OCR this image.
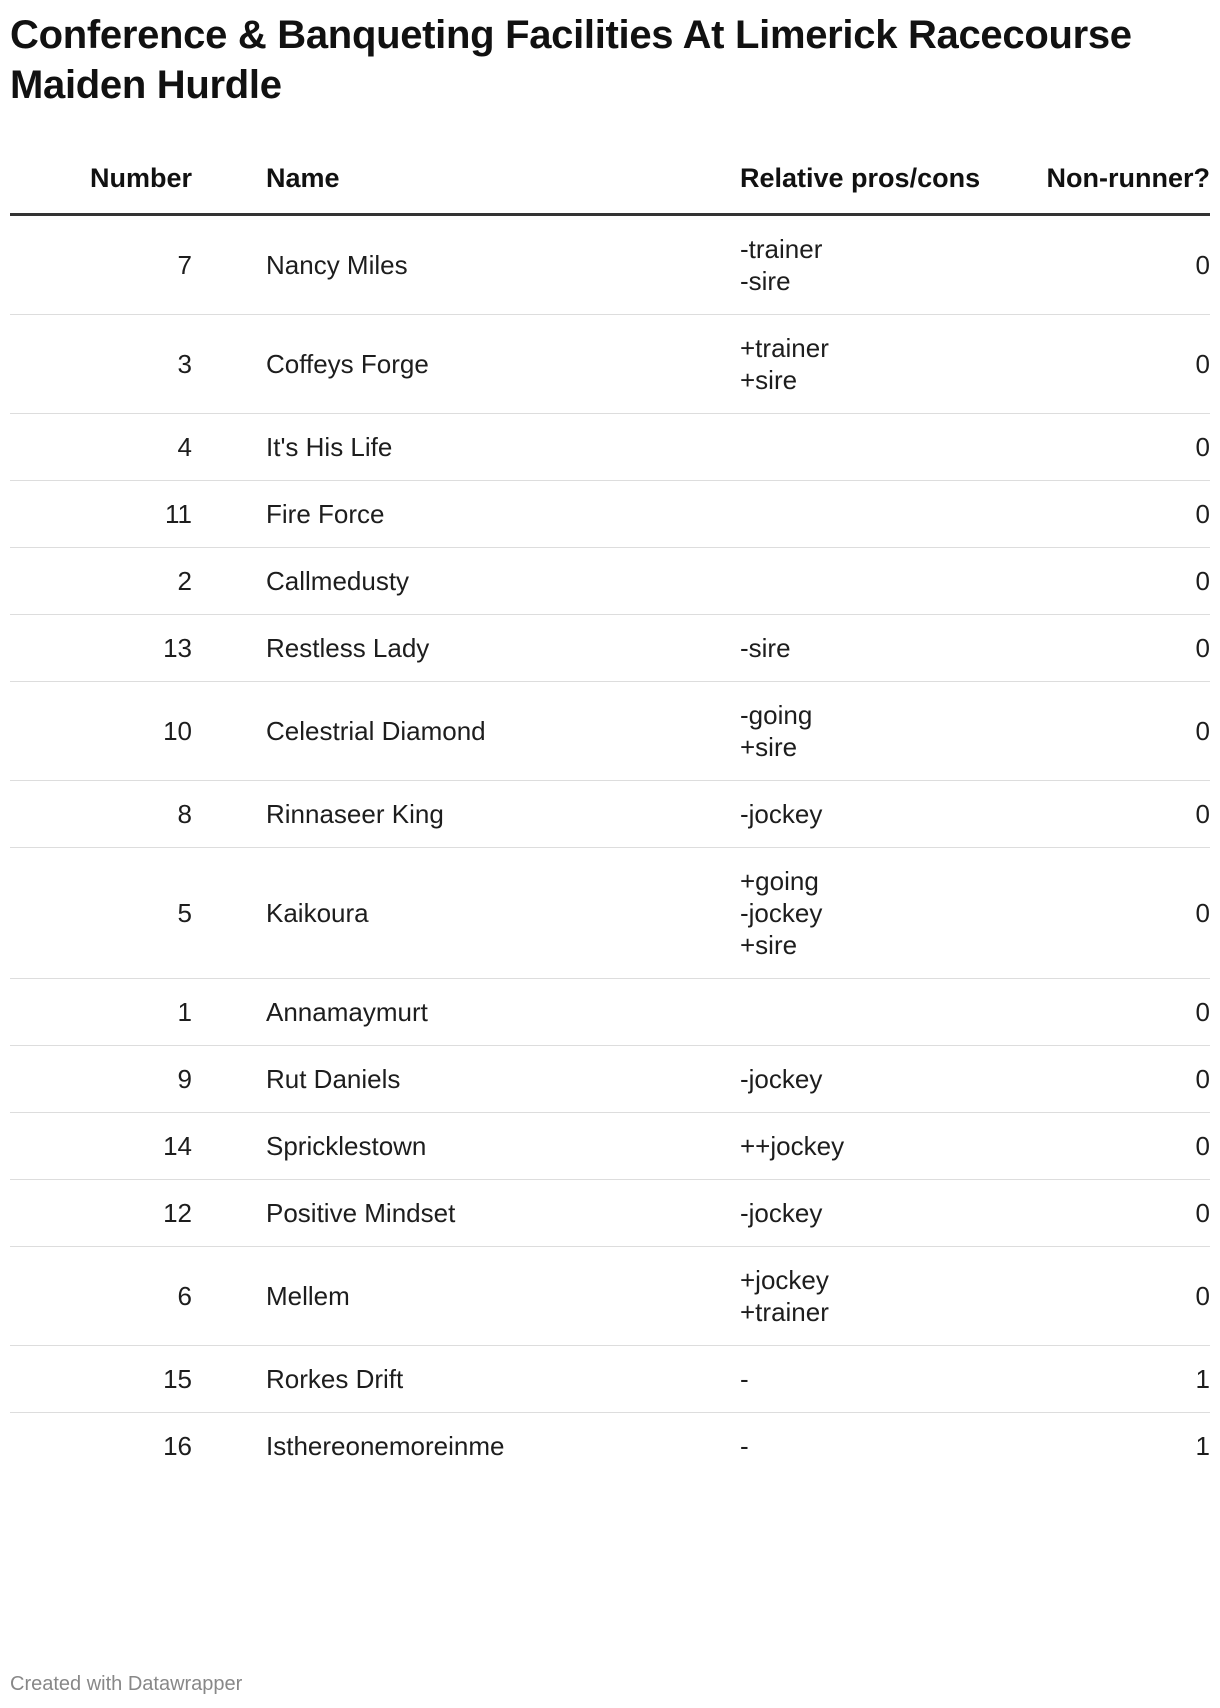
Conference & Banqueting Facilities At Limerick Racecourse Maiden Hurdle
Number		Name	Relative pros/cons	Non-runner?
7		Nancy Miles	-trainer
-sire	0
3		Coffeys Forge	+trainer
+sire	0
4		It's His Life		0
11		Fire Force		0
2		Callmedusty		0
13		Restless Lady	-sire	0
10		Celestrial Diamond	-going
+sire	0
8		Rinnaseer King	-jockey	0
5		Kaikoura	+going
-jockey
+sire	0
1		Annamaymurt		0
9		Rut Daniels	-jockey	0
14		Spricklestown	++jockey	0
12		Positive Mindset	-jockey	0
6		Mellem	+jockey
+trainer	0
15		Rorkes Drift	-	1
16		Isthereonemoreinme	-	1
Created with Datawrapper
